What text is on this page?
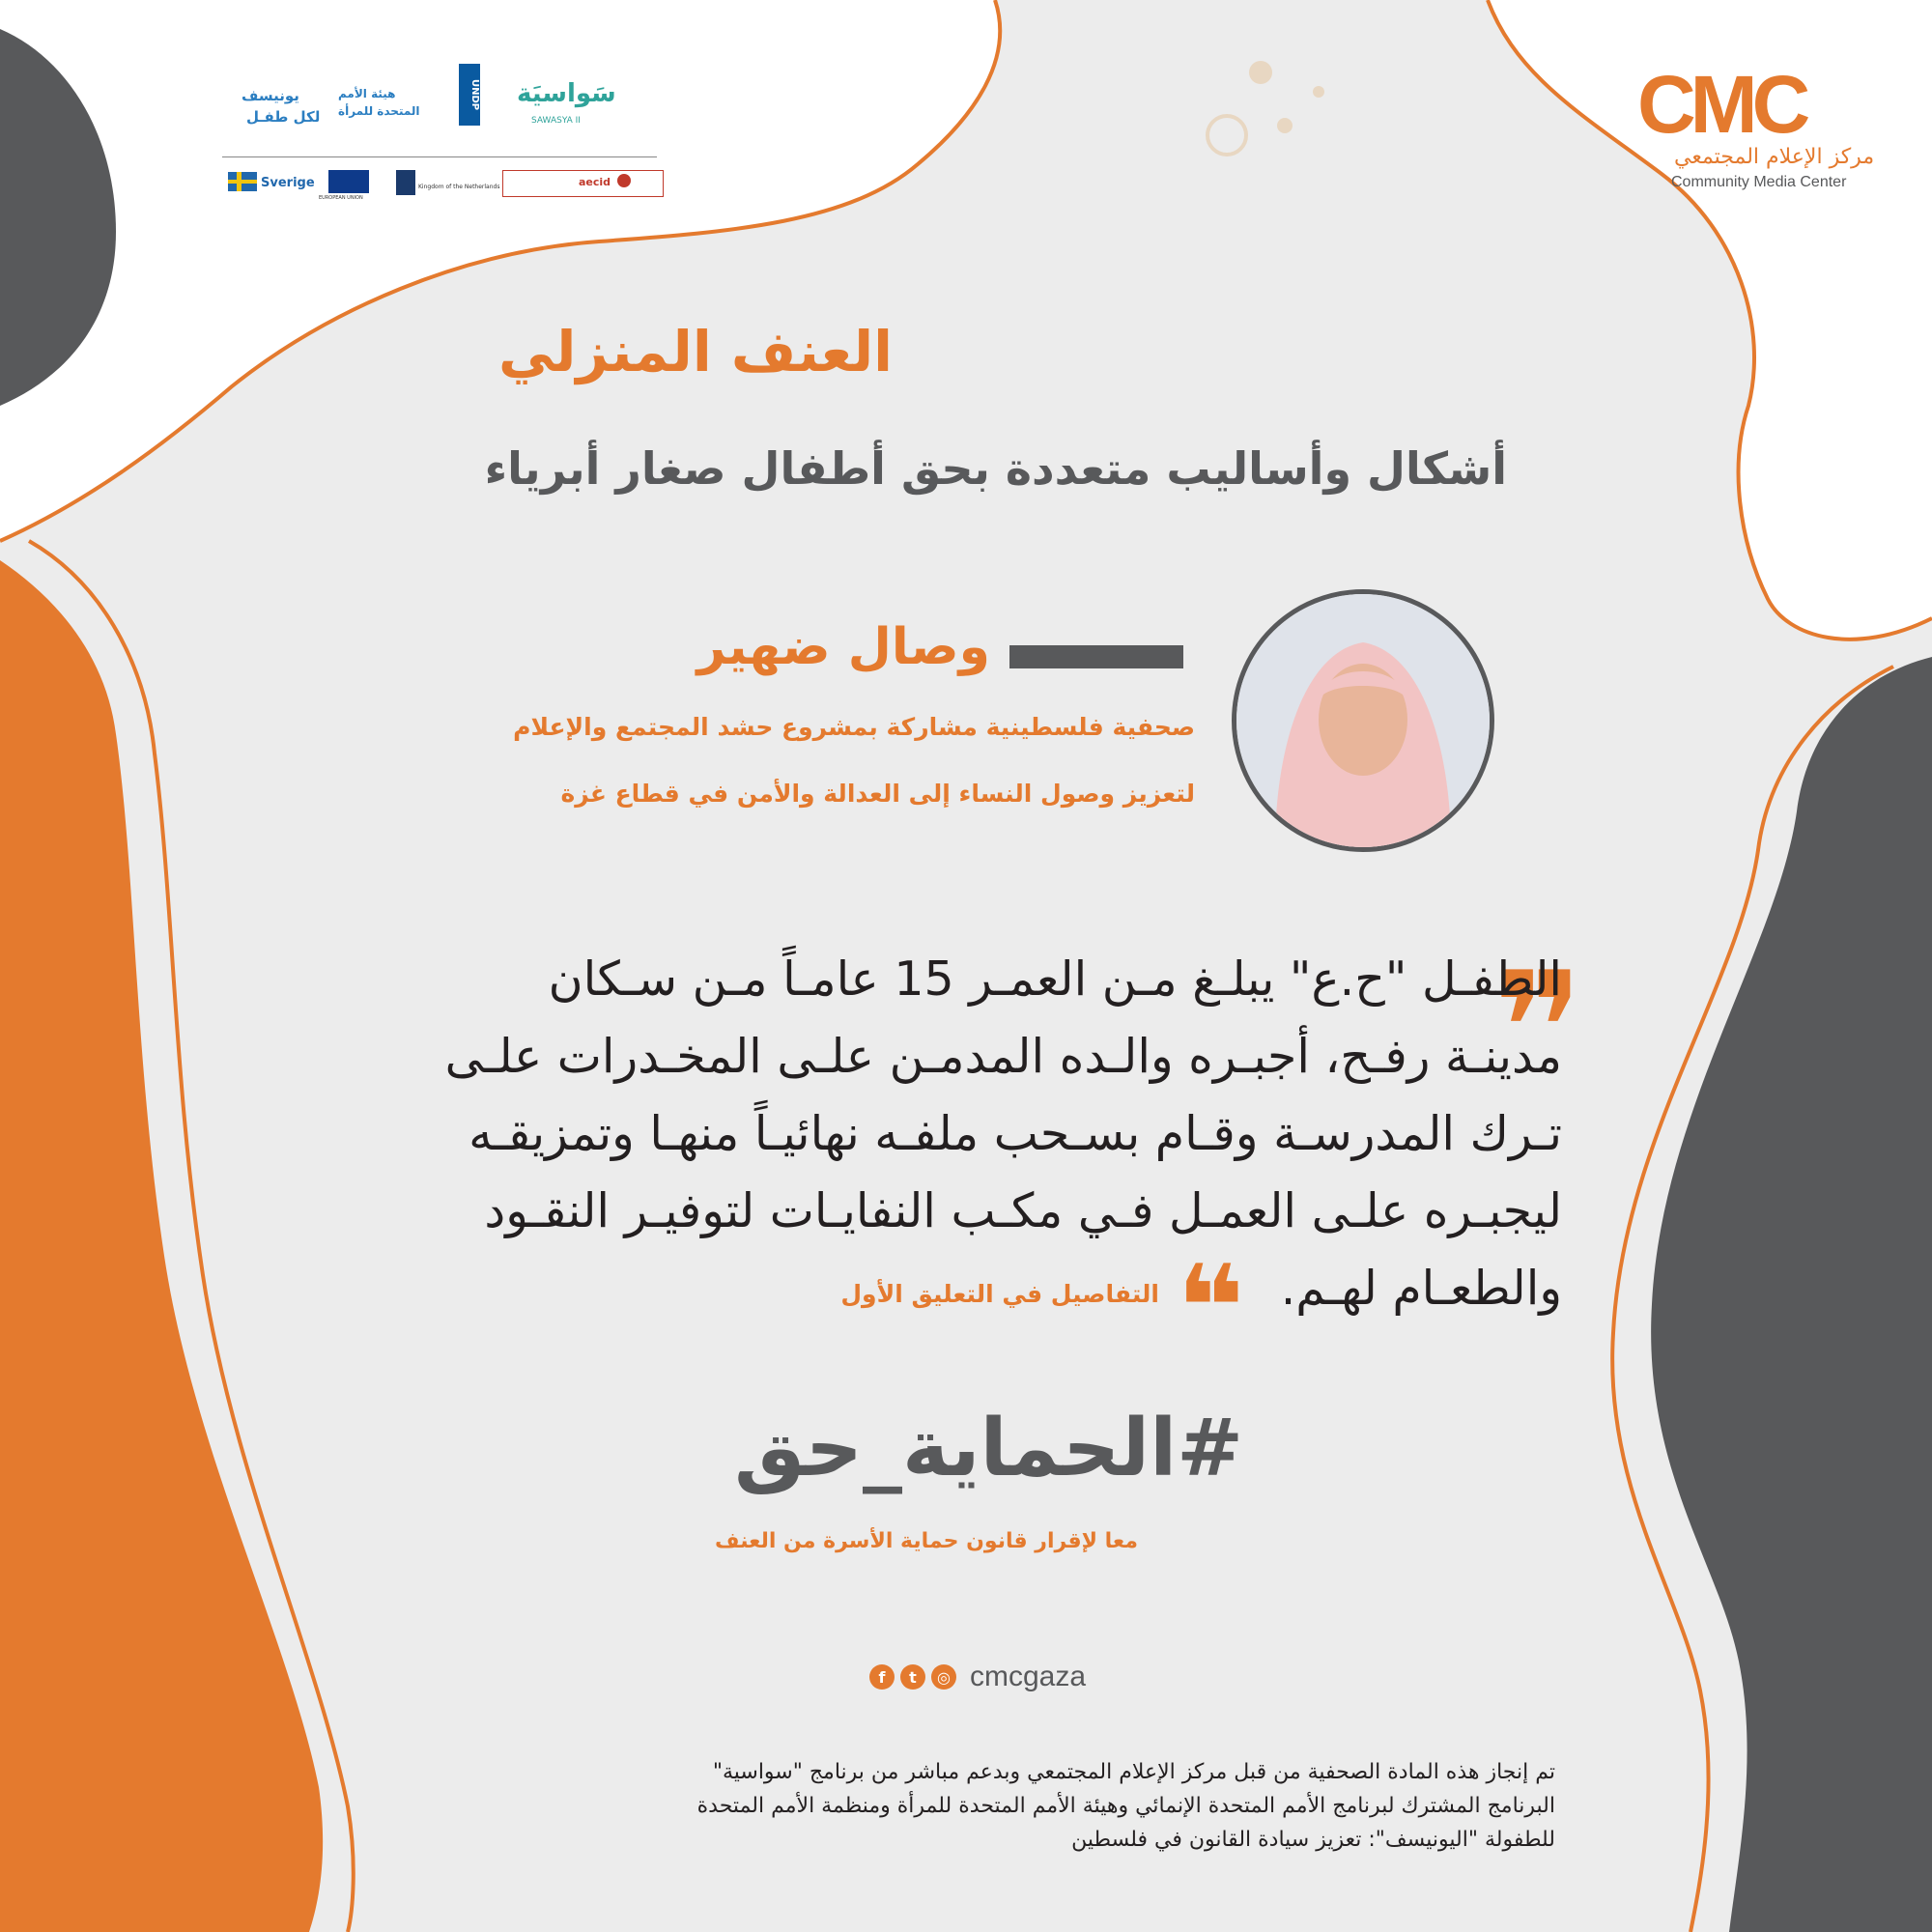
يونيسف
لكل طفـل
هيئة الأمم
المتحدة للمرأة
UNDP سَواسيَة
SAWASYA II
Sverige
EUROPEAN UNION
Kingdom of the Netherlands	aecid
CMC
مركز الإعلام المجتمعي
Community Media Center
العنف المنزلي
أشكال وأساليب متعددة بحق أطفال صغار أبرياء
وصال ضهير
صحفية فلسطينية مشاركة بمشروع حشد المجتمع والإعلام
لتعزيز وصول النساء إلى العدالة والأمن في قطاع غزة
❞
الطفـل "ح.ع" يبلـغ مـن العمـر 15 عامـاً مـن سـكان
مدينـة رفـح، أجبـره والـده المدمـن علـى المخـدرات علـى
تـرك المدرسـة وقـام بسـحب ملفـه نهائيـاً منهـا وتمزيقـه
ليجبـره علـى العمـل فـي مكـب النفايـات لتوفيـر النقـود
والطعـام لهـم.
❝
التفاصيل في التعليق الأول
#الحماية_حق
معا لإقرار قانون حماية الأسرة من العنف
f	t	◎ cmcgaza
تم إنجاز هذه المادة الصحفية من قبل مركز الإعلام المجتمعي وبدعم مباشر من برنامج "سواسية"
البرنامج المشترك لبرنامج الأمم المتحدة الإنمائي وهيئة الأمم المتحدة للمرأة ومنظمة الأمم المتحدة
للطفولة "اليونيسف": تعزيز سيادة القانون في فلسطين
